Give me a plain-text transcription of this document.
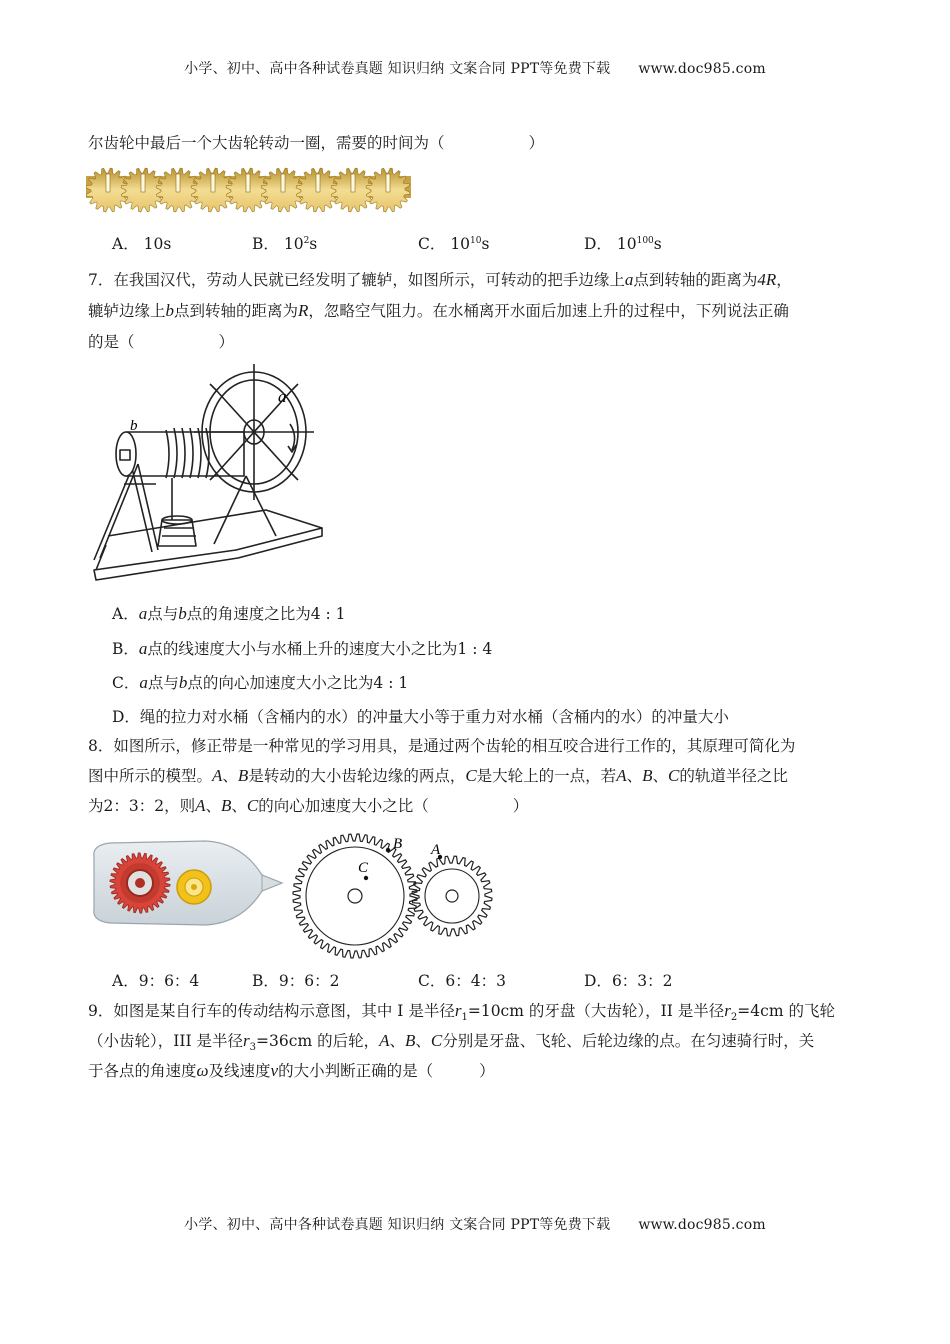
小学、初中、高中各种试卷真题 知识归纳 文案合同 PPT等免费下载 www.doc985.com
尔齿轮中最后一个大齿轮转动一圈，需要的时间为（	）
A． 10s	B． $10^2s$	C． $10^{10}s$	D． $10^{100}s$
7．在我国汉代，劳动人民就已经发明了辘轳，如图所示，可转动的把手边缘上a点到转轴的距离为4R，
辘轳边缘上b点到转轴的距离为R，忽略空气阻力。在水桶离开水面后加速上升的过程中，下列说法正确
的是（	）
a
b
A．a点与b点的角速度之比为4 : 1
B．a点的线速度大小与水桶上升的速度大小之比为1 : 4
C．a点与b点的向心加速度大小之比为4 : 1
D．绳的拉力对水桶（含桶内的水）的冲量大小等于重力对水桶（含桶内的水）的冲量大小
8．如图所示，修正带是一种常见的学习用具，是通过两个齿轮的相互咬合进行工作的，其原理可简化为
图中所示的模型。A、B是转动的大小齿轮边缘的两点，C是大轮上的一点，若A、B、C的轨道半径之比
为2：3：2，则A、B、C的向心加速度大小之比（	）
B
C
A
A．9：6：4	B．9：6：2	C．6：4：3	D．6：3：2
9．如图是某自行车的传动结构示意图，其中 I 是半径$r_1=10cm$ 的牙盘（大齿轮），II 是半径$r_2=4cm$ 的飞轮
（小齿轮），III 是半径$r_3=36cm$ 的后轮，A、B、C分别是牙盘、飞轮、后轮边缘的点。在匀速骑行时，关
于各点的角速度ω及线速度v的大小判断正确的是（	）
小学、初中、高中各种试卷真题 知识归纳 文案合同 PPT等免费下载 www.doc985.com
